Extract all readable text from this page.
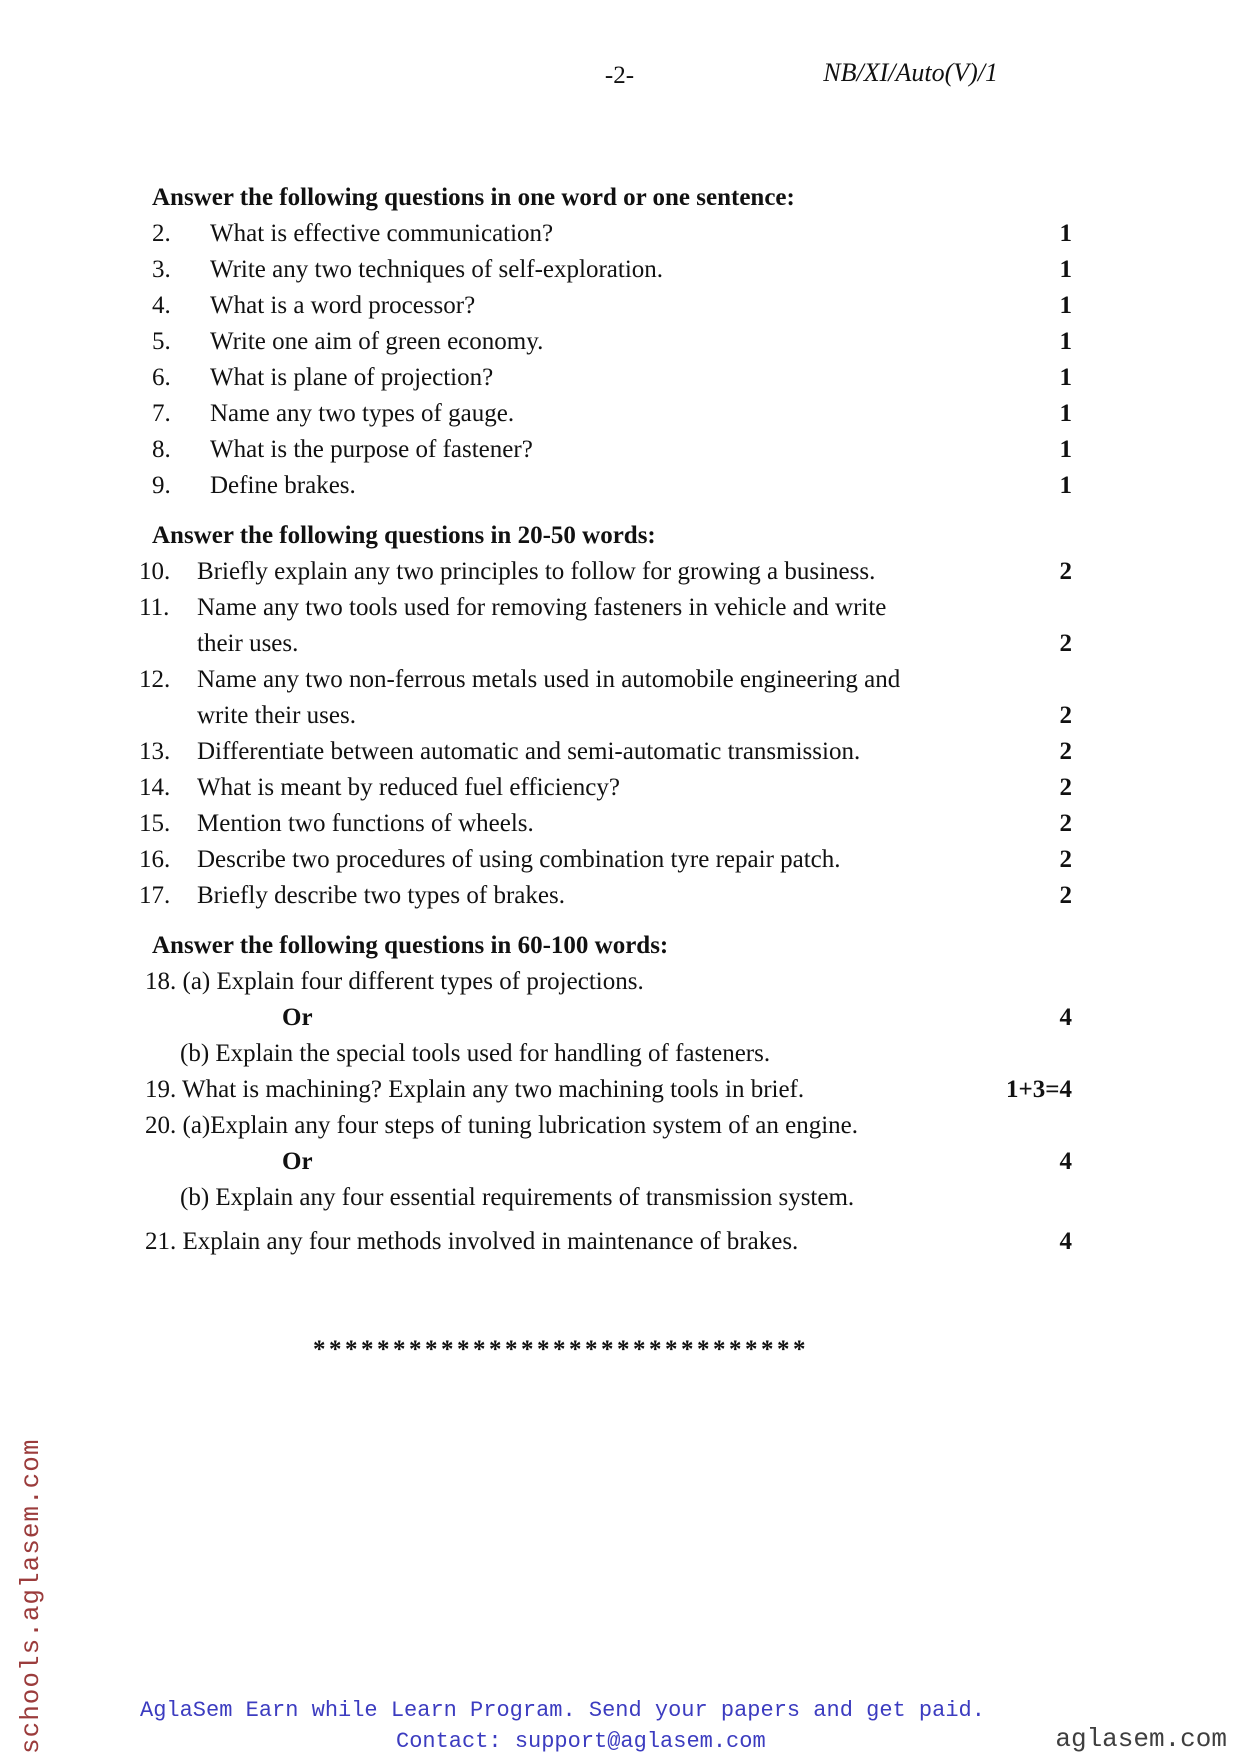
-2-	NB/XI/Auto(V)/1
Answer the following questions in one word or one sentence:
2. What is effective communication?	1
3. Write any two techniques of self-exploration.	1
4. What is a word processor?	1
5. Write one aim of green economy.	1
6. What is plane of projection?	1
7. Name any two types of gauge.	1
8. What is the purpose of fastener?	1
9. Define brakes.	1
Answer the following questions in 20-50 words:
10. Briefly explain any two principles to follow for growing a business.	2
11. Name any two tools used for removing fasteners in vehicle and write
their uses.	2
12. Name any two non-ferrous metals used in automobile engineering and
write their uses.	2
13. Differentiate between automatic and semi-automatic transmission.	2
14. What is meant by reduced fuel efficiency?	2
15. Mention two functions of wheels.	2
16. Describe two procedures of using combination tyre repair patch.	2
17. Briefly describe two types of brakes.	2
Answer the following questions in 60-100 words:
18. (a) Explain four different types of projections.
Or	4
(b) Explain the special tools used for handling of fasteners.
19. What is machining? Explain any two machining tools in brief.	1+3=4
20. (a)Explain any four steps of tuning lubrication system of an engine.
Or	4
(b) Explain any four essential requirements of transmission system.
21. Explain any four methods involved in maintenance of brakes.	4
*******************************
schools.aglasem.com	AglaSem Earn while Learn Program. Send your papers and get paid.
Contact: support@aglasem.com	aglasem.com
